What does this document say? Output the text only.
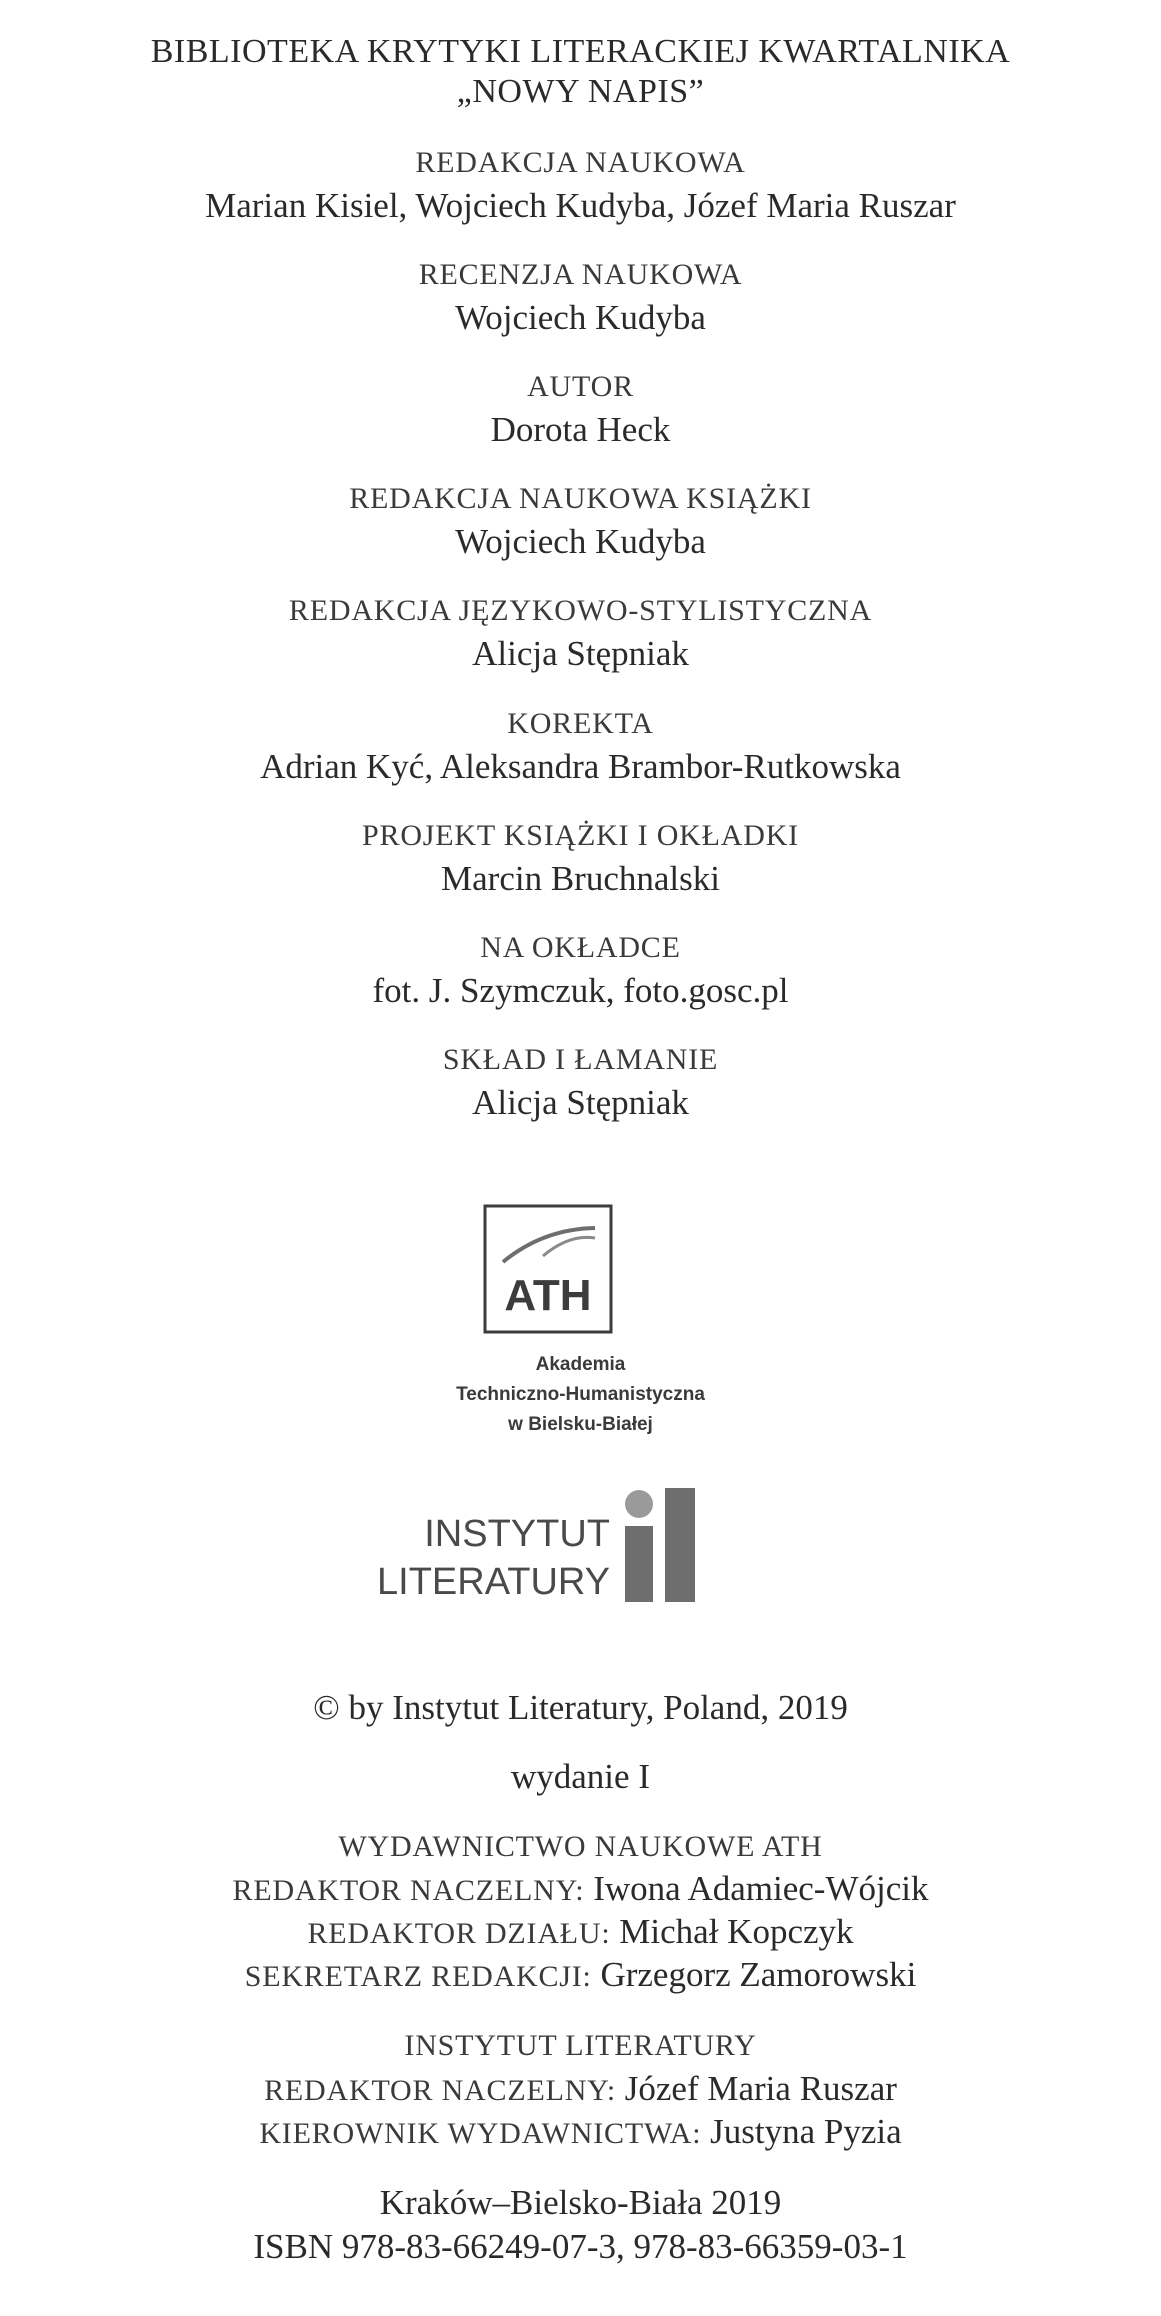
BIBLIOTEKA KRYTYKI LITERACKIEJ KWARTALNIKA
„NOWY NAPIS”
REDAKCJA NAUKOWA
Marian Kisiel, Wojciech Kudyba, Józef Maria Ruszar
RECENZJA NAUKOWA
Wojciech Kudyba
AUTOR
Dorota Heck
REDAKCJA NAUKOWA KSIĄŻKI
Wojciech Kudyba
REDAKCJA JĘZYKOWO-STYLISTYCZNA
Alicja Stępniak
KOREKTA
Adrian Kyć, Aleksandra Brambor-Rutkowska
PROJEKT KSIĄŻKI I OKŁADKI
Marcin Bruchnalski
NA OKŁADCE
fot. J. Szymczuk, foto.gosc.pl
SKŁAD I ŁAMANIE
Alicja Stępniak
ATH
Akademia
Techniczno-Humanistyczna
w Bielsku-Białej
INSTYTUT
LITERATURY
© by Instytut Literatury, Poland, 2019
wydanie I
WYDAWNICTWO NAUKOWE ATH
REDAKTOR NACZELNY: Iwona Adamiec-Wójcik
REDAKTOR DZIAŁU: Michał Kopczyk
SEKRETARZ REDAKCJI: Grzegorz Zamorowski
INSTYTUT LITERATURY
REDAKTOR NACZELNY: Józef Maria Ruszar
KIEROWNIK WYDAWNICTWA: Justyna Pyzia
Kraków–Bielsko-Biała 2019
ISBN 978-83-66249-07-3, 978-83-66359-03-1
